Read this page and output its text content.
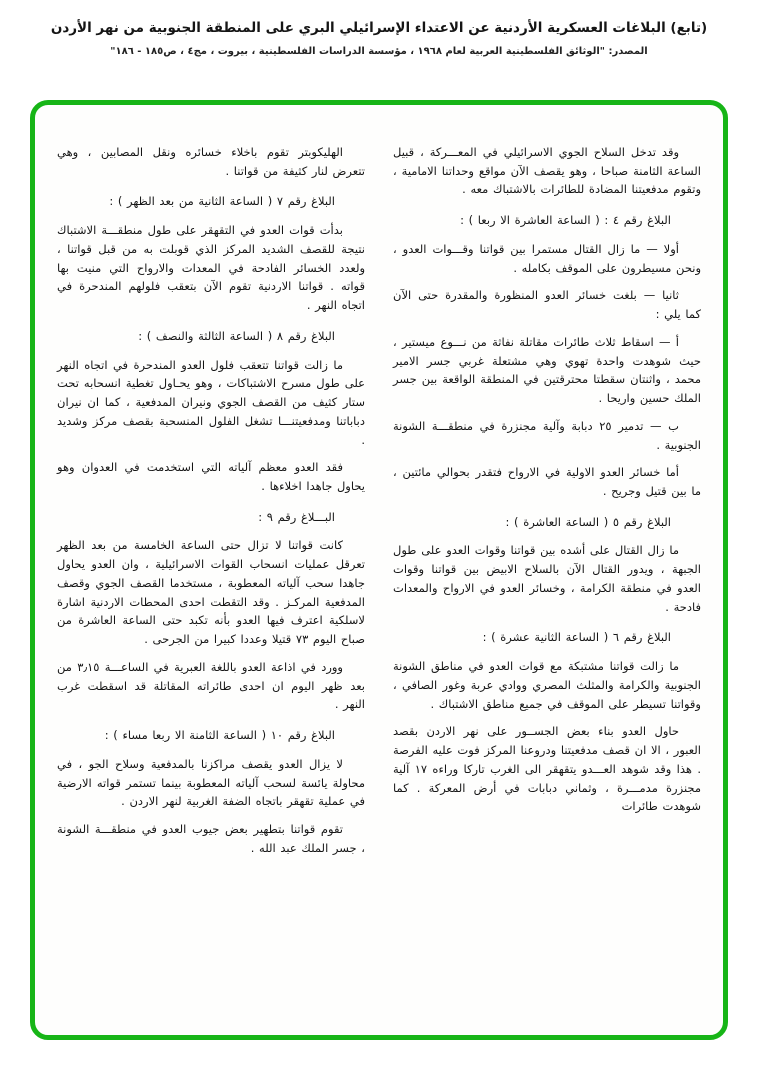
(تابع) البلاغات العسكرية الأردنية عن الاعتداء الإسرائيلي البري على المنطقة الجنوبية من نهر الأردن
المصدر: "الوثائق الفلسطينية العربية لعام ١٩٦٨ ، مؤسسة الدراسات الفلسطينية ، بيروت ، مج٤ ، ص١٨٥ - ١٨٦"

وقد تدخل السلاح الجوي الاسرائيلي في المعـــركة ، قبيل الساعة الثامنة صباحا ، وهو يقصف الآن مواقع وحداتنا الامامية ، وتقوم مدفعيتنا المضادة للطائرات بالاشتباك معه .

البلاغ رقم ٤ : ( الساعة العاشرة الا ربعا ) :

أولا — ما زال القتال مستمرا بين قواتنا وقـــوات العدو ، ونحن مسيطرون على الموقف بكامله .

ثانيا — بلغت خسائر العدو المنظورة والمقدرة حتى الآن كما يلي :

أ — اسقاط ثلاث طائرات مقاتلة نفاثة من نـــوع ميستير ، حيث شوهدت واحدة تهوي وهي مشتعلة غربي جسر الامير محمد ، واثنتان سقطتا محترقتين في المنطقة الواقعة بين جسر الملك حسين واريحا .

ب — تدمير ٢٥ دبابة وآلية مجنزرة في منطقـــة الشونة الجنوبية .

أما خسائر العدو الاولية في الارواح فتقدر بحوالي مائتين ، ما بين قتيل وجريح .

البلاغ رقم ٥ ( الساعة العاشرة ) :

ما زال القتال على أشده بين قواتنا وقوات العدو على طول الجبهة ، ويدور القتال الآن بالسلاح الابيض بين قواتنا وقوات العدو في منطقة الكرامة ، وخسائر العدو في الارواح والمعدات فادحة .

البلاغ رقم ٦ ( الساعة الثانية عشرة ) :

ما زالت قواتنا مشتبكة مع قوات العدو في مناطق الشونة الجنوبية والكرامة والمثلث المصري ووادي عربة وغور الصافي ، وقواتنا تسيطر على الموقف في جميع مناطق الاشتباك .

حاول العدو بناء بعض الجســور على نهر الاردن بقصد العبور ، الا ان قصف مدفعيتنا ودروعنا المركز فوت عليه الفرصة . هذا وقد شوهد العـــدو يتقهقر الى الغرب تاركا وراءه ١٧ آلية مجنزرة مدمـــرة ، وثماني دبابات في أرض المعركة . كما شوهدت طائرات

الهليكوبتر تقوم باخلاء خسائره ونقل المصابين ، وهي تتعرض لنار كثيفة من قواتنا .

البلاغ رقم ٧ ( الساعة الثانية من بعد الظهر ) :

بدأت قوات العدو في التقهقر على طول منطقـــة الاشتباك نتيجة للقصف الشديد المركز الذي قوبلت به من قبل قواتنا ، ولعدد الخسائر الفادحة في المعدات والارواح التي منيت بها قواته . قواتنا الاردنية تقوم الآن بتعقب فلولهم المندحرة في اتجاه النهر .

البلاغ رقم ٨ ( الساعة الثالثة والنصف ) :

ما زالت قواتنا تتعقب فلول العدو المندحرة في اتجاه النهر على طول مسرح الاشتباكات ، وهو يحـاول تغطية انسحابه تحت ستار كثيف من القصف الجوي ونيران المدفعية ، كما ان نيران دباباتنا ومدفعيتنـــا تشغل الفلول المنسحبة بقصف مركز وشديد .

فقد العدو معظم آلياته التي استخدمت في العدوان وهو يحاول جاهدا اخلاءها .

البـــلاغ رقم ٩ :

كانت قواتنا لا تزال حتى الساعة الخامسة من بعد الظهر تعرقل عمليات انسحاب القوات الاسرائيلية ، وان العدو يحاول جاهدا سحب آلياته المعطوبة ، مستخدما القصف الجوي وقصف المدفعية المركـز . وقد التقطت احدى المحطات الاردنية اشارة لاسلكية اعترف فيها العدو بأنه تكبد حتى الساعة العاشرة من صباح اليوم ٧٣ قتيلا وعددا كبيرا من الجرحى .

وورد في اذاعة العدو باللغة العبرية في الساعـــة ٣٫١٥ من بعد ظهر اليوم ان احدى طائراته المقاتلة قد اسقطت غرب النهر .

البلاغ رقم ١٠ ( الساعة الثامنة الا ربعا مساء ) :

لا يزال العدو يقصف مراكزنا بالمدفعية وسلاح الجو ، في محاولة يائسة لسحب آلياته المعطوبة بينما تستمر قواته الارضية في عملية تقهقر باتجاه الضفة الغربية لنهر الاردن .

تقوم قواتنا بتطهير بعض جيوب العدو في منطقـــة الشونة ، جسر الملك عبد الله .
